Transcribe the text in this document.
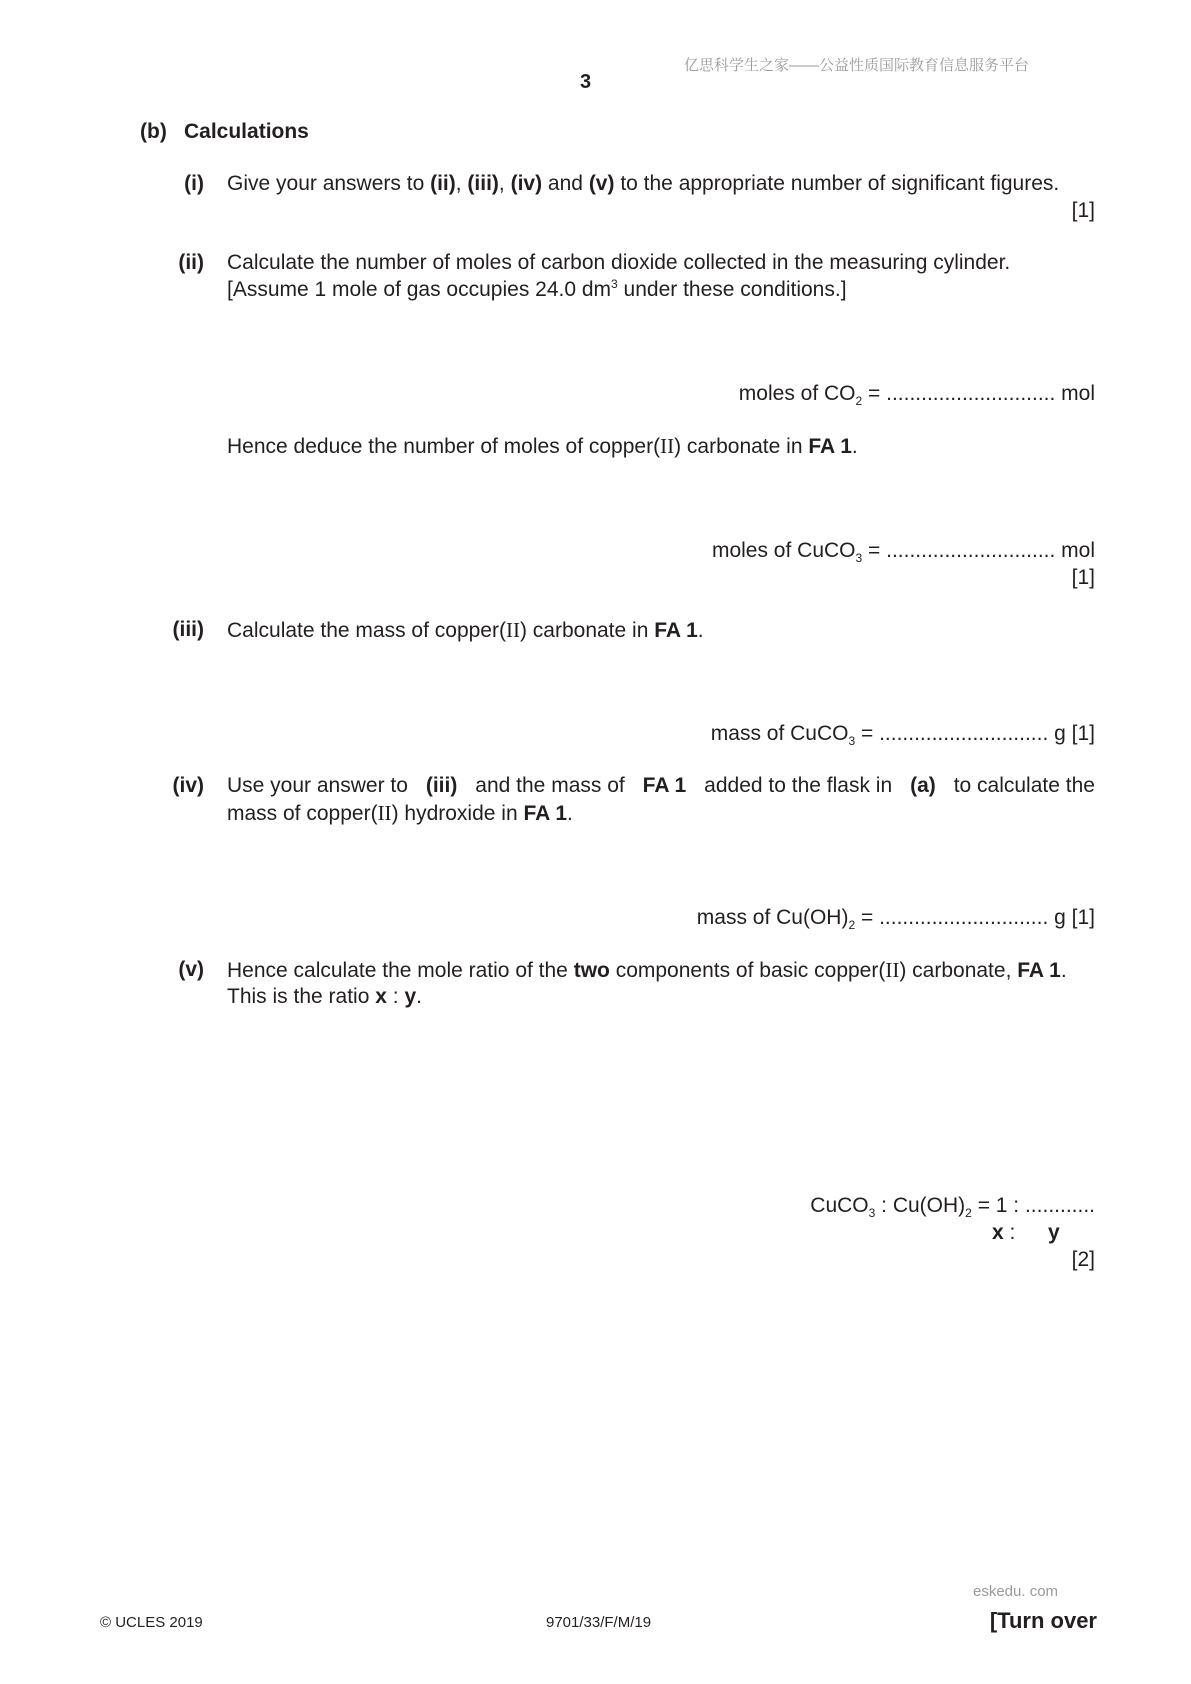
亿思科学生之家——公益性质国际教育信息服务平台
3
(b) Calculations
(i) Give your answers to (ii), (iii), (iv) and (v) to the appropriate number of significant figures.
[1]
(ii) Calculate the number of moles of carbon dioxide collected in the measuring cylinder.
[Assume 1 mole of gas occupies 24.0 $dm^3$ under these conditions.]
moles of $CO_2$ = ............................. mol
Hence deduce the number of moles of copper(II) carbonate in FA 1.
moles of CuCO$_3$ = ............................. mol
[1]
(iii) Calculate the mass of copper(II) carbonate in FA 1.
mass of CuCO$_3$ = ............................. g [1]
(iv) Use your answer to (iii) and the mass of FA 1 added to the flask in (a) to calculate the
mass of copper(II) hydroxide in FA 1.
mass of $Cu(OH)_2$ = ............................. g [1]
(v) Hence calculate the mole ratio of the two components of basic copper(II) carbonate, FA 1.
This is the ratio x : y.
CuCO$_3$ : $Cu(OH)_2 = 1$ : ............
x : y
[2]
eskedu. com
© UCLES 2019	9701/33/F/M/19	[Turn over
